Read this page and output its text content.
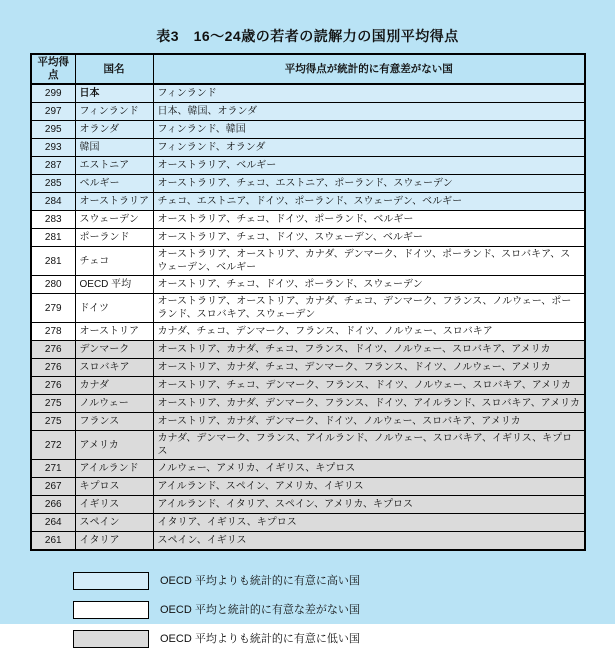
表3　16～24歳の若者の読解力の国別平均得点
平均得点	国名	平均得点が統計的に有意差がない国
299	日本	フィンランド
297	フィンランド	日本、韓国、オランダ
295	オランダ	フィンランド、韓国
293	韓国	フィンランド、オランダ
287	エストニア	オーストラリア、ベルギー
285	ベルギー	オーストラリア、チェコ、エストニア、ポーランド、スウェーデン
284	オーストラリア	チェコ、エストニア、ドイツ、ポーランド、スウェーデン、ベルギー
283	スウェーデン	オーストラリア、チェコ、ドイツ、ポーランド、ベルギー
281	ポーランド	オーストラリア、チェコ、ドイツ、スウェーデン、ベルギー
281	チェコ	オーストラリア、オーストリア、カナダ、デンマーク、ドイツ、ポーランド、スロバキア、スウェーデン、ベルギー
280	OECD 平均	オーストリア、チェコ、ドイツ、ポーランド、スウェーデン
279	ドイツ	オーストラリア、オーストリア、カナダ、チェコ、デンマーク、フランス、ノルウェー、ポーランド、スロバキア、スウェーデン
278	オーストリア	カナダ、チェコ、デンマーク、フランス、ドイツ、ノルウェー、スロバキア
276	デンマーク	オーストリア、カナダ、チェコ、フランス、ドイツ、ノルウェー、スロバキア、アメリカ
276	スロバキア	オーストリア、カナダ、チェコ、デンマーク、フランス、ドイツ、ノルウェー、アメリカ
276	カナダ	オーストリア、チェコ、デンマーク、フランス、ドイツ、ノルウェー、スロバキア、アメリカ
275	ノルウェー	オーストリア、カナダ、デンマーク、フランス、ドイツ、アイルランド、スロバキア、アメリカ
275	フランス	オーストリア、カナダ、デンマーク、ドイツ、ノルウェー、スロバキア、アメリカ
272	アメリカ	カナダ、デンマーク、フランス、アイルランド、ノルウェー、スロバキア、イギリス、キプロス
271	アイルランド	ノルウェー、アメリカ、イギリス、キプロス
267	キプロス	アイルランド、スペイン、アメリカ、イギリス
266	イギリス	アイルランド、イタリア、スペイン、アメリカ、キプロス
264	スペイン	イタリア、イギリス、キプロス
261	イタリア	スペイン、イギリス
OECD 平均よりも統計的に有意に高い国
OECD 平均と統計的に有意な差がない国
OECD 平均よりも統計的に有意に低い国
